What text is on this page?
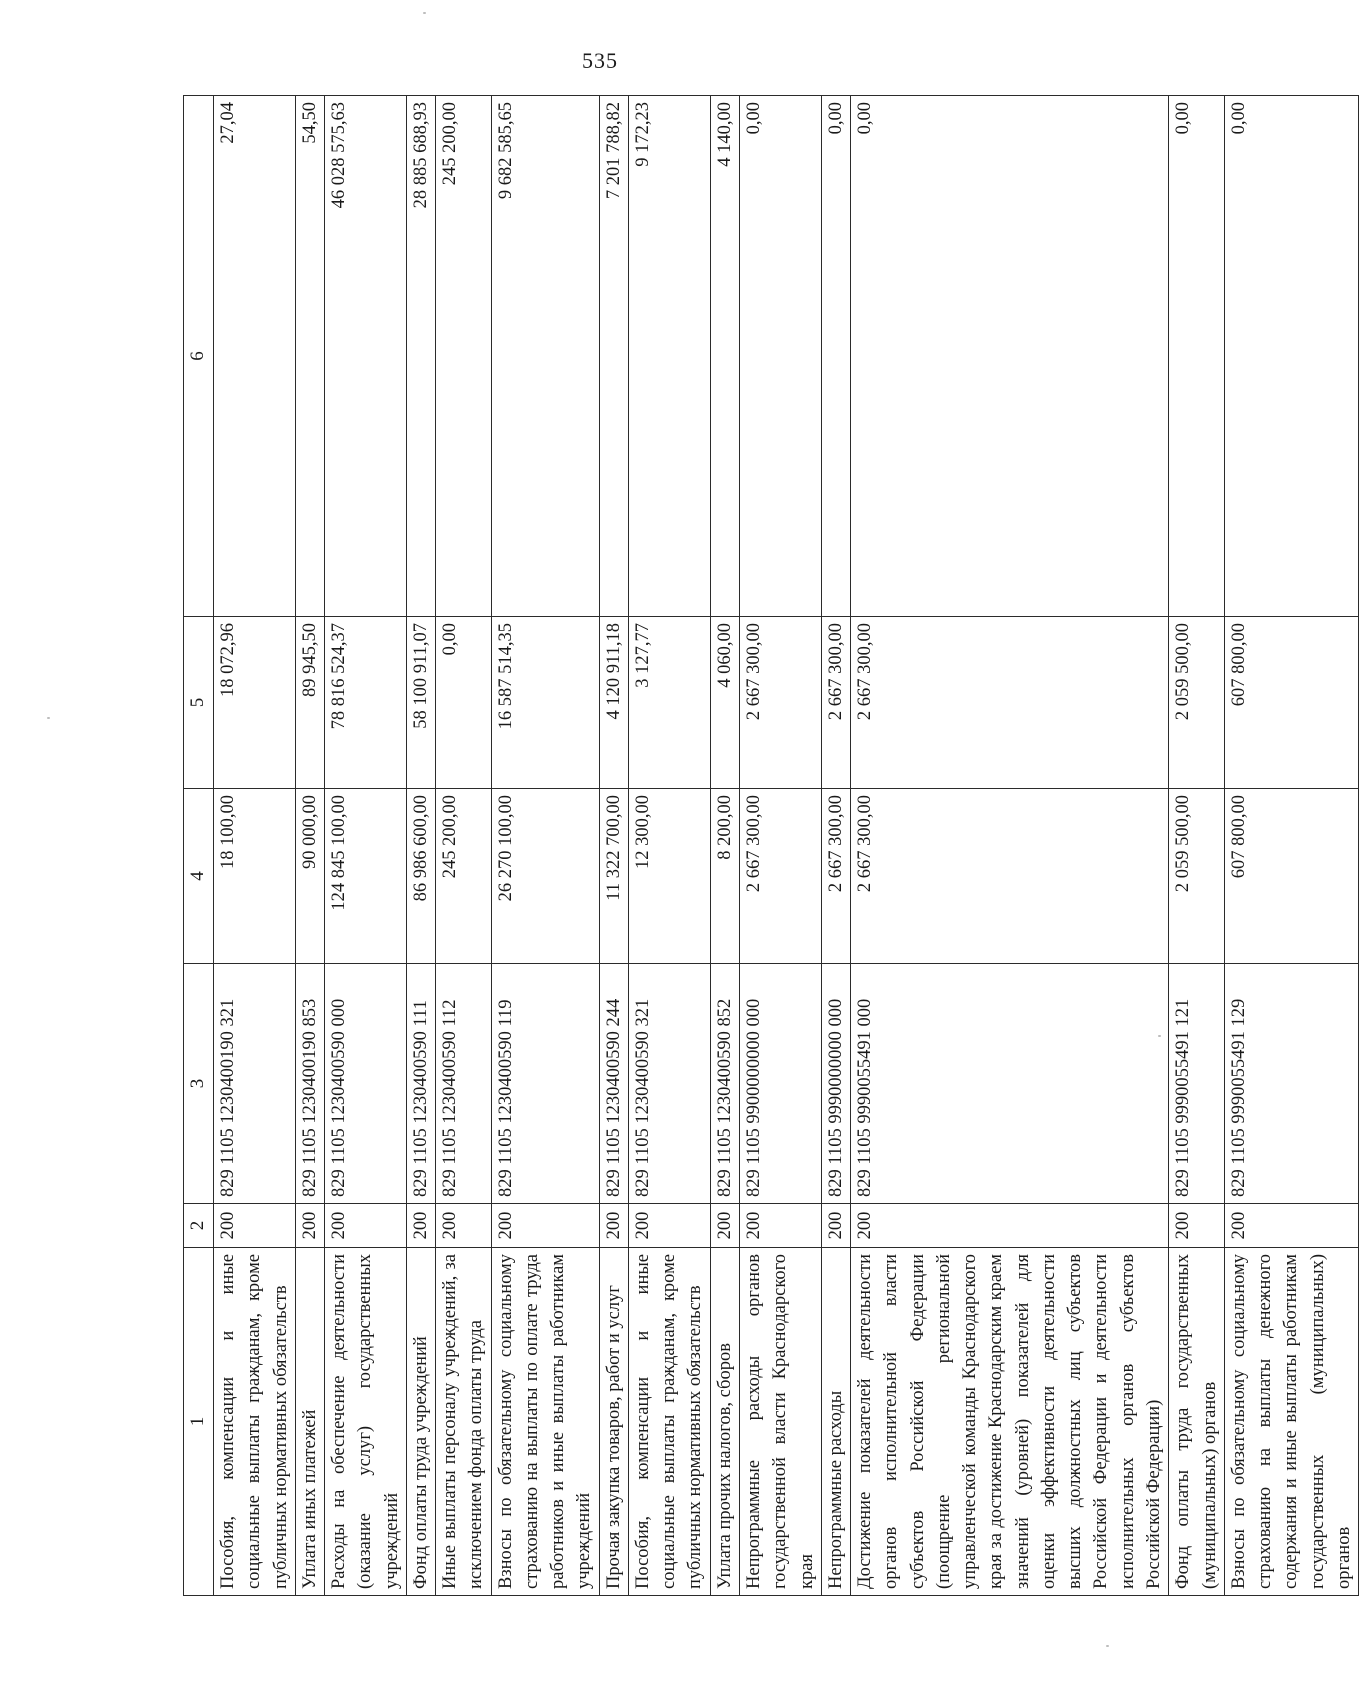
535
1	2	3	4	5	6
Пособия, компенсации и иные социальные выплаты гражданам, кроме публичных нормативных обязательств	200	829 1105 1230400190 321	18 100,00	18 072,96	27,04
Уплата иных платежей	200	829 1105 1230400190 853	90 000,00	89 945,50	54,50
Расходы на обеспечение деятельности (оказание услуг) государственных учреждений	200	829 1105 1230400590 000	124 845 100,00	78 816 524,37	46 028 575,63
Фонд оплаты труда учреждений	200	829 1105 1230400590 111	86 986 600,00	58 100 911,07	28 885 688,93
Иные выплаты персоналу учреждений, за исключением фонда оплаты труда	200	829 1105 1230400590 112	245 200,00	0,00	245 200,00
Взносы по обязательному социальному страхованию на выплаты по оплате труда работников и иные выплаты работникам учреждений	200	829 1105 1230400590 119	26 270 100,00	16 587 514,35	9 682 585,65
Прочая закупка товаров, работ и услуг	200	829 1105 1230400590 244	11 322 700,00	4 120 911,18	7 201 788,82
Пособия, компенсации и иные социальные выплаты гражданам, кроме публичных нормативных обязательств	200	829 1105 1230400590 321	12 300,00	3 127,77	9 172,23
Уплата прочих налогов, сборов	200	829 1105 1230400590 852	8 200,00	4 060,00	4 140,00
Непрограммные расходы органов государственной власти Краснодарского края	200	829 1105 9900000000 000	2 667 300,00	2 667 300,00	0,00
Непрограммные расходы	200	829 1105 9990000000 000	2 667 300,00	2 667 300,00	0,00
Достижение показателей деятельности органов исполнительной власти субъектов Российской Федерации (поощрение региональной управленческой команды Краснодарского края за достижение Краснодарским краем значений (уровней) показателей для оценки эффективности деятельности высших должностных лиц субъектов Российской Федерации и деятельности исполнительных органов субъектов Российской Федерации)	200	829 1105 9990055491 000	2 667 300,00	2 667 300,00	0,00
Фонд оплаты труда государственных (муниципальных) органов	200	829 1105 9990055491 121	2 059 500,00	2 059 500,00	0,00
Взносы по обязательному социальному страхованию на выплаты денежного содержания и иные выплаты работникам государственных (муниципальных) органов	200	829 1105 9990055491 129	607 800,00	607 800,00	0,00
